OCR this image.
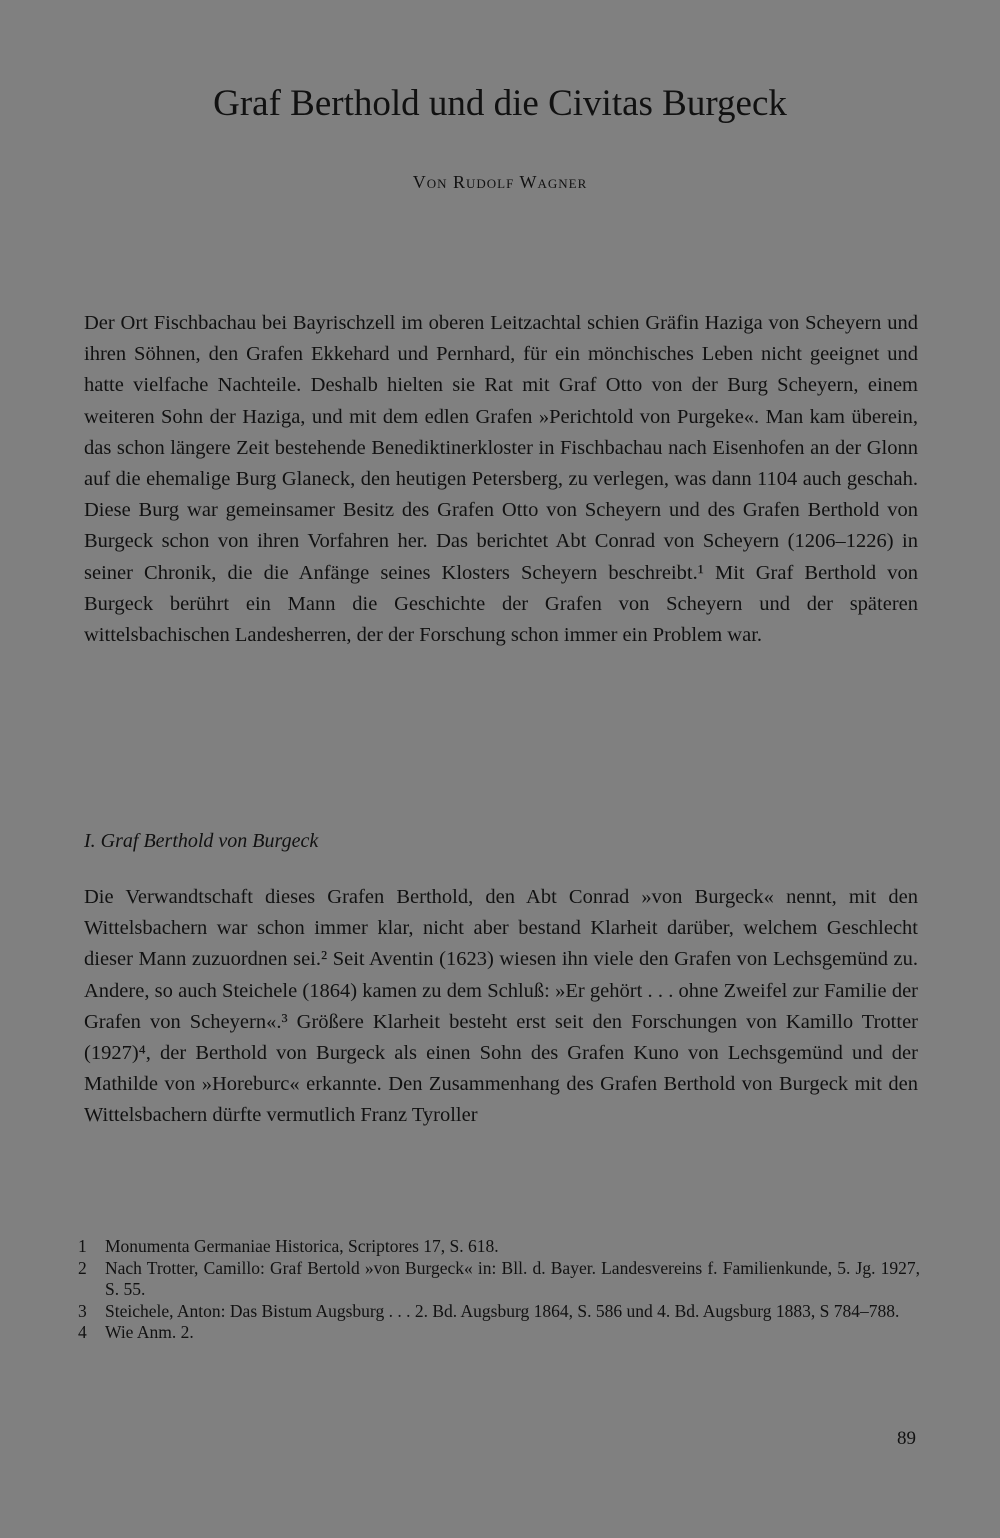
Graf Berthold und die Civitas Burgeck
Von Rudolf Wagner

Der Ort Fischbachau bei Bayrischzell im oberen Leitzachtal schien Gräfin Haziga von Scheyern und ihren Söhnen, den Grafen Ekkehard und Pernhard, für ein mönchisches Leben nicht geeignet und hatte vielfache Nachteile. Deshalb hielten sie Rat mit Graf Otto von der Burg Scheyern, einem weiteren Sohn der Haziga, und mit dem edlen Grafen »Perichtold von Purgeke«. Man kam überein, das schon längere Zeit bestehende Benediktinerkloster in Fischbachau nach Eisenhofen an der Glonn auf die ehemalige Burg Glaneck, den heutigen Petersberg, zu verlegen, was dann 1104 auch geschah. Diese Burg war gemeinsamer Besitz des Grafen Otto von Scheyern und des Grafen Berthold von Burgeck schon von ihren Vorfahren her. Das berichtet Abt Conrad von Scheyern (1206–1226) in seiner Chronik, die die Anfänge seines Klosters Scheyern beschreibt.¹ Mit Graf Berthold von Burgeck berührt ein Mann die Geschichte der Grafen von Scheyern und der späteren wittelsbachischen Landesherren, der der Forschung schon immer ein Problem war.

I. Graf Berthold von Burgeck

Die Verwandtschaft dieses Grafen Berthold, den Abt Conrad »von Burgeck« nennt, mit den Wittelsbachern war schon immer klar, nicht aber bestand Klarheit darüber, welchem Geschlecht dieser Mann zuzuordnen sei.² Seit Aventin (1623) wiesen ihn viele den Grafen von Lechsgemünd zu. Andere, so auch Steichele (1864) kamen zu dem Schluß: »Er gehört . . . ohne Zweifel zur Familie der Grafen von Scheyern«.³ Größere Klarheit besteht erst seit den Forschungen von Kamillo Trotter (1927)⁴, der Berthold von Burgeck als einen Sohn des Grafen Kuno von Lechsgemünd und der Mathilde von »Horeburc« erkannte. Den Zusammenhang des Grafen Berthold von Burgeck mit den Wittelsbachern dürfte vermutlich Franz Tyroller

1	Monumenta Germaniae Historica, Scriptores 17, S. 618.
2	Nach Trotter, Camillo: Graf Bertold »von Burgeck« in: Bll. d. Bayer. Landesvereins f. Familienkunde, 5. Jg. 1927, S. 55.
3	Steichele, Anton: Das Bistum Augsburg . . . 2. Bd. Augsburg 1864, S. 586 und 4. Bd. Augsburg 1883, S 784–788.
4	Wie Anm. 2.
89
